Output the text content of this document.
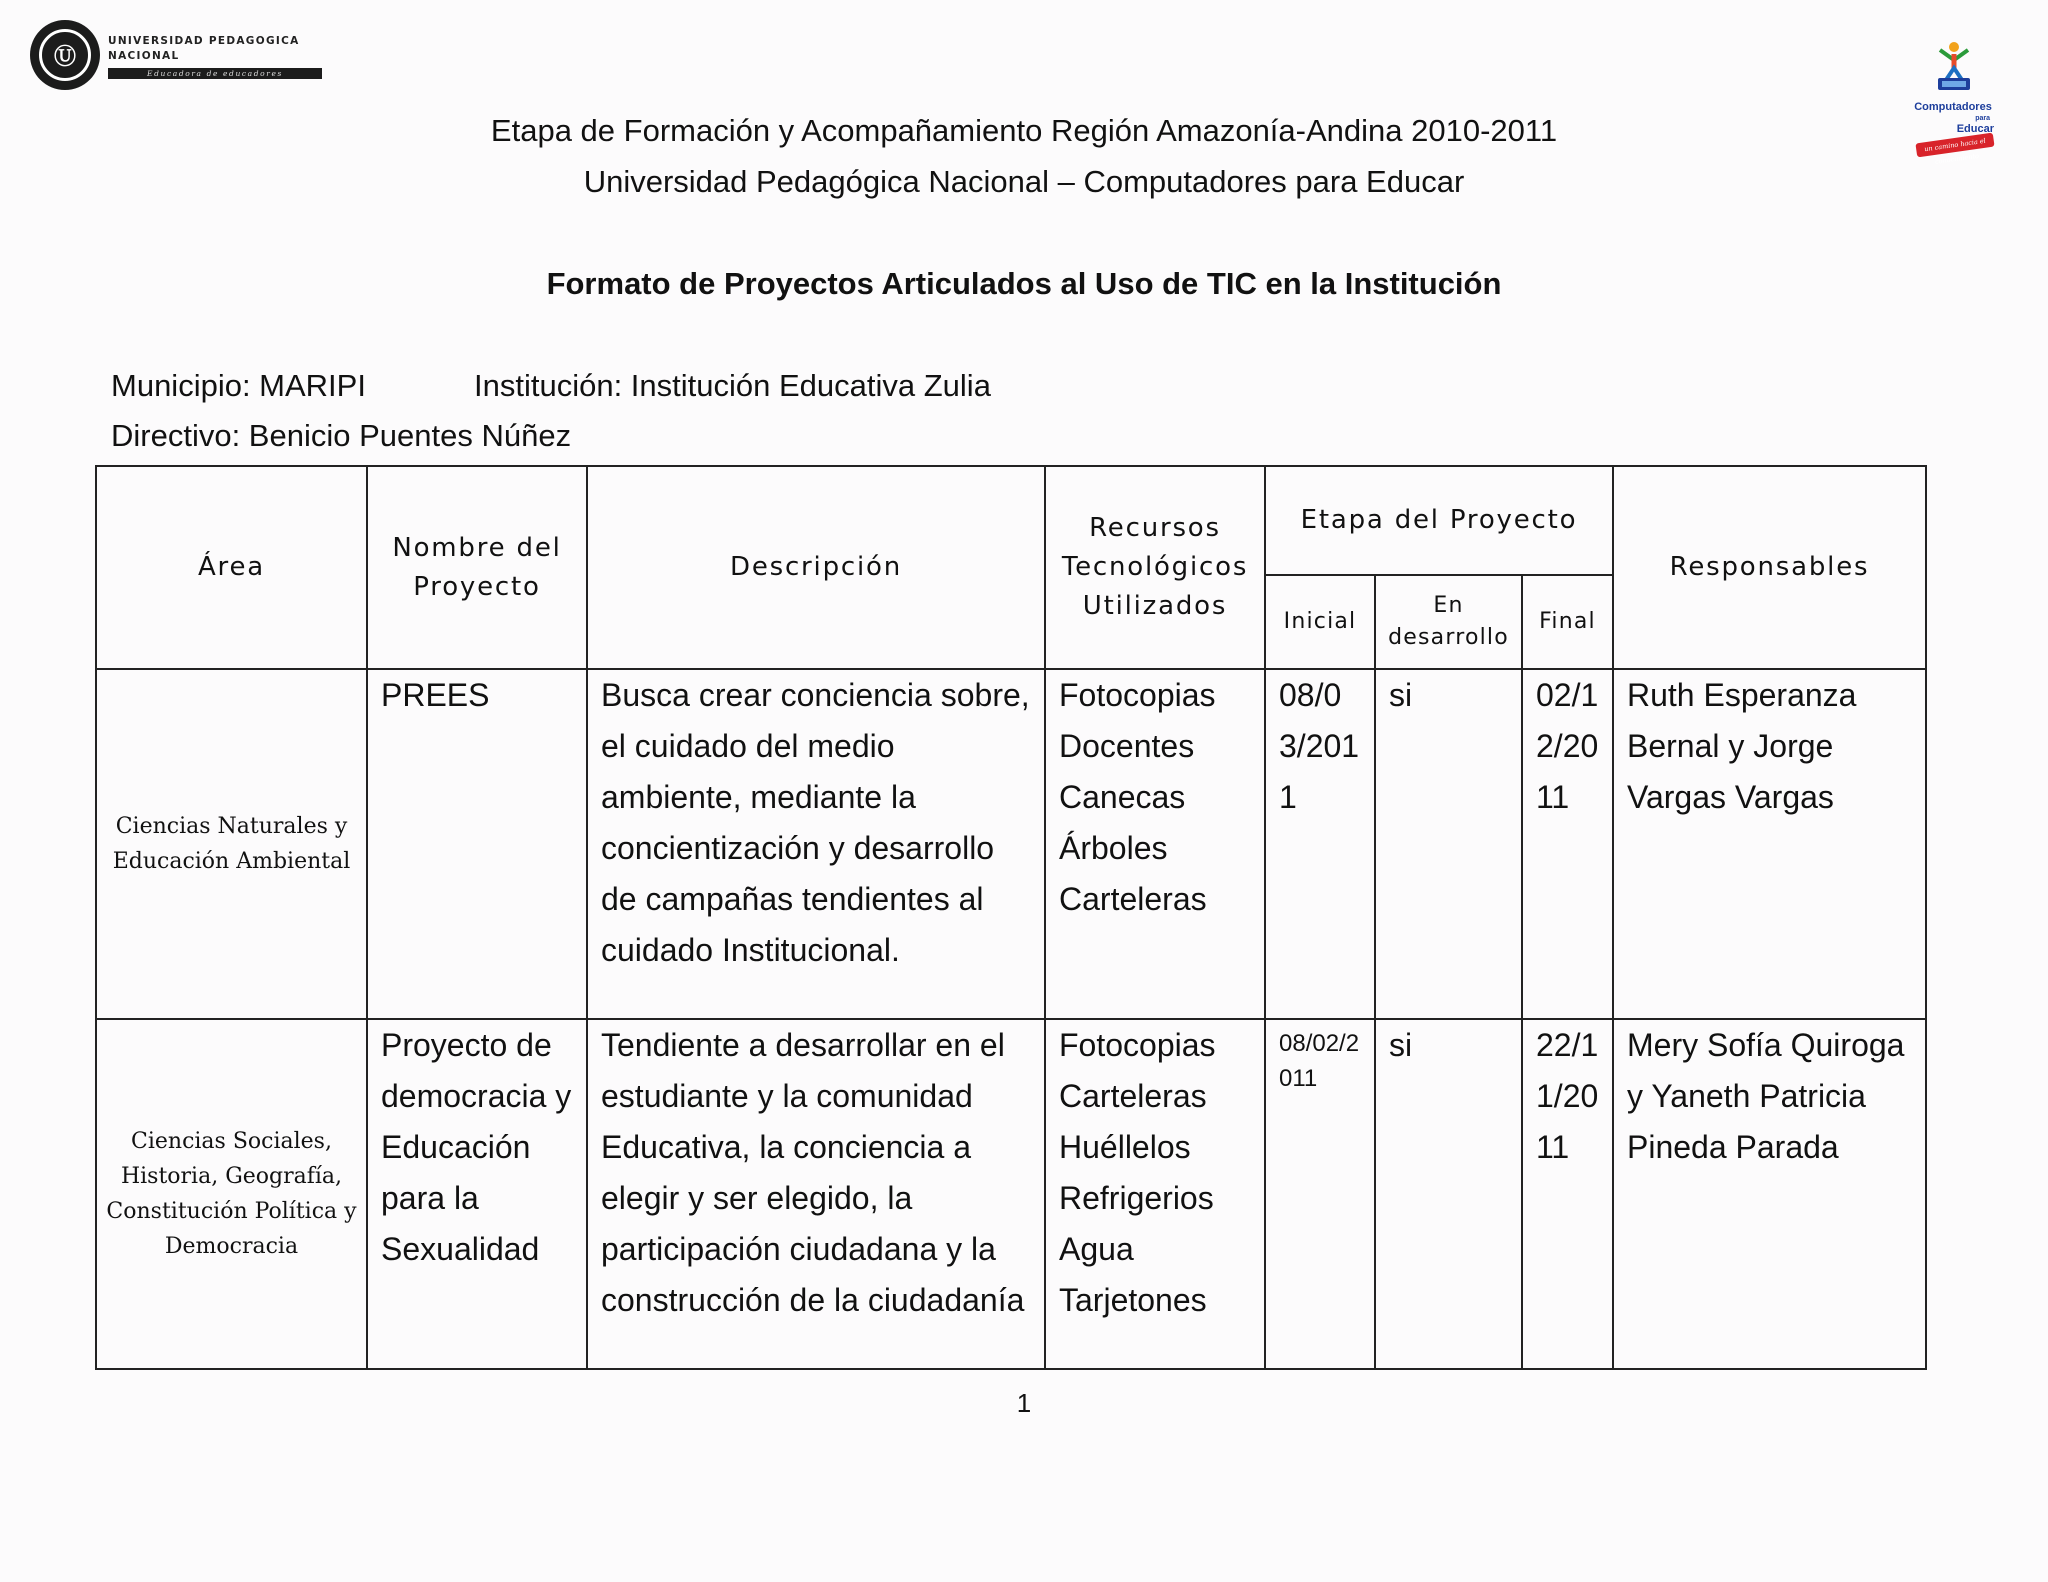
Ⓤ
UNIVERSIDAD PEDAGOGICA
NACIONAL
Educadora de educadores
Computadores
para
Educar
un camino hacia el conocimiento
Etapa de Formación y Acompañamiento Región Amazonía-Andina 2010-2011
Universidad Pedagógica Nacional – Computadores para Educar
Formato de Proyectos Articulados al Uso de TIC en la Institución
Municipio: MARIPI	Institución: Institución Educativa Zulia
Directivo: Benicio Puentes Núñez
Área	Nombre del Proyecto	Descripción	Recursos Tecnológicos Utilizados	Etapa del Proyecto			Responsables
				Inicial	En desarrollo	Final	
Ciencias Naturales y Educación Ambiental	PREES	Busca crear conciencia sobre, el cuidado del medio ambiente, mediante la concientización y desarrollo de campañas tendientes al cuidado Institucional.	Fotocopias Docentes Canecas Árboles Carteleras	08/03/2011	si	02/12/2011	Ruth Esperanza Bernal y Jorge Vargas Vargas
Ciencias Sociales, Historia, Geografía, Constitución Política y Democracia	Proyecto de democracia y Educación para la Sexualidad	Tendiente a desarrollar en el estudiante y la comunidad Educativa, la conciencia a elegir y ser elegido, la participación ciudadana y la construcción de la ciudadanía	Fotocopias Carteleras Huéllelos Refrigerios Agua Tarjetones	08/02/2011	si	22/11/2011	Mery Sofía Quiroga y Yaneth Patricia Pineda Parada
1
